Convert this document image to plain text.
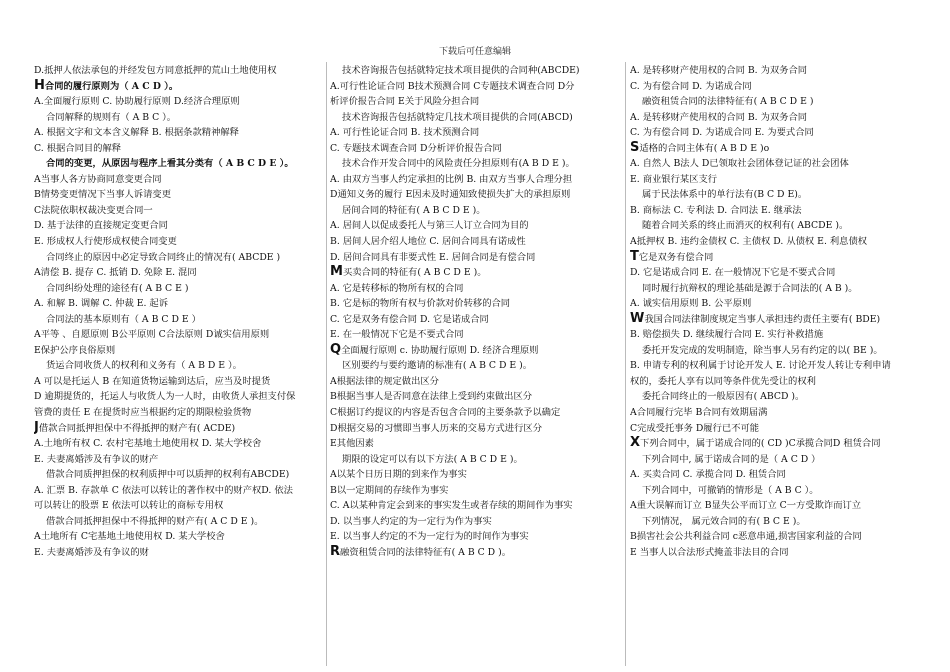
下载后可任意编辑
D.抵押人依法承包的并经发包方同意抵押的荒山土地使用权
H合同的履行原则为（ A C D ）。
A.全面履行原则 C. 协助履行原则 D.经济合理原则
合同解释的规则有（ A B C ）。
A. 根据文字和文本含义解释 B. 根据条款精神解释
C. 根据合同目的解释
合同的变更，从原因与程序上看其分类有（ A B C D E ）。
A当事人各方协商同意变更合同
B情势变更情况下当事人诉请变更
C法院依职权裁决变更合同一
D. 基于法律的直接规定变更合同
E. 形成权人行使形成权使合同变更
合同终止的原因中必定导致合同终止的情况有( ABCDE )
A清偿 B. 提存 C. 抵销 D. 免除 E. 混同
合同纠纷处理的途径有( A B C E )
A. 和解 B. 调解 C. 仲裁 E. 起诉
合同法的基本原则有（ A B C D E ）
A平等 、自愿原则 B公平原则 C合法原则 D诚实信用原则
E保护公序良俗原则
货运合同收货人的权利和义务有（ A B D E ）。
A 可以是托运人 B 在知道货物运输到达后，应当及时提货
D 逾期提货的，托运人与收货人为一人时，由收货人承担支付保
管费的责任 E 在提货时应当根据约定的期限检验货物
J借款合同抵押担保中不得抵押的财产有( ACDE)
A.土地所有权 C. 农村宅基地土地使用权 D. 某大学校舍
E. 夫妻离婚涉及有争议的财产
借款合同质押担保的权利质押中可以质押的权利有ABCDE)
A. 汇票 B. 存款单 C 依法可以转让的著作权中的财产权D. 依法
可以转让的股票 E 依法可以转让的商标专用权
借款合同抵押担保中不得抵押的财产有( A C D E )。
A土地所有 C宅基地土地使用权 D. 某大学校舍
E. 夫妻离婚涉及有争议的财
技术咨询报告包括就特定技术项目提供的合同种(ABCDE)
A.可行性论证合同 B技术预测合同 C专题技术调查合同 D分
析评价报告合同 E关于风险分担合同
技术咨询报告包括就特定几技术项目提供的合同(ABCD)
A. 可行性论证合同 B. 技术预测合同
C. 专题技术调查合同 D分析评价报告合同
技术合作开发合同中的风险责任分担原则有(A B D E )。
A. 由双方当事人约定承担的比例 B. 由双方当事人合理分担
D通知义务的履行 E因未及时通知致使损失扩大的承担原则
居间合同的特征有( A B C D E )。
A. 居间人以促成委托人与第三人订立合同为目的
B. 居间人居介绍人地位 C. 居间合同具有诺成性
D. 居间合同具有非要式性 E. 居间合同是有偿合同
M买卖合同的特征有( A B C D E )。
A. 它是转移标的物所有权的合同
B. 它是标的物所有权与价款对价转移的合同
C. 它是双务有偿合同 D. 它是诺成合同
E. 在一般情况下它是不要式合同
Q全面履行原则 c. 协助履行原则 D. 经济合理原则
区别要约与要约邀请的标准有( A B C D E )。
A根据法律的规定做出区分
B根据当事人是否同意在法律上受到约束做出区分
C根据订约提议的内容是否包含合同的主要条款予以确定
D根据交易的习惯即当事人历来的交易方式进行区分
E其他因素
期限的设定可以有以下方法( A B C D E )。
A以某个日历日期的到来作为事实
B以一定期间的存续作为事实
C. A以某种肯定会到来的事实发生或者存续的期间作为事实
D. 以当事人约定的为一定行为作为事实
E. 以当事人约定的不为一定行为的时间作为事实
R融资租赁合同的法律特征有( A B C D )。
A. 是转移财产使用权的合同 B. 为双务合同
C. 为有偿合同 D. 为诺成合同
融资租赁合同的法律特征有( A B C D E )
A. 是转移财产使用权的合同 B. 为双务合同
C. 为有偿合同 D. 为诺成合同 E. 为要式合同
S适格的合同主体有( A B D E )o
A. 自然人 B法人 D已领取社会团体登记证的社会团体
E. 商业银行某区支行
属于民法体系中的单行法有(B C D E)。
B. 商标法 C. 专利法 D. 合同法 E. 继承法
随着合同关系的终止而消灭的权利有( ABCDE )。
A抵押权 B. 违约金债权 C. 主债权 D. 从债权 E. 利息债权
T它是双务有偿合同
D. 它是诺成合同 E. 在一般情况下它是不要式合同
同时履行抗辩权的理论基础是源于合同法的( A B )。
A. 诚实信用原则 B. 公平原则
W我国合同法律制度规定当事人承担违约责任主要有( BDE)
B. 赔偿损失 D. 继续履行合同 E. 实行补救措施
委托开发完成的发明制造，除当事人另有约定的以( BE )。
B. 申请专利的权利属于讨论开发人 E. 讨论开发人转让专利申请
权的，委托人享有以同等条件优先受让的权利
委托合同终止的一般原因有( ABCD )。
A合同履行完毕 B合同有效期届满
C完成受托事务 D履行已不可能
X下列合同中，属于诺成合同的( CD )C承揽合同D 租赁合同
下列合同中, 属于诺成合同的是（ A C D ）
A. 买卖合同 C. 承揽合同 D. 租赁合同
下列合同中，可撤销的情形是（ A B C ）。
A重大误解而订立 B显失公平而订立 C一方受欺诈而订立
下列情况， 属元效合同的有( B C E )。
B损害社会公共利益合同 c恶意串通,损害国家利益的合同
E 当事人以合法形式掩盖非法目的合同
